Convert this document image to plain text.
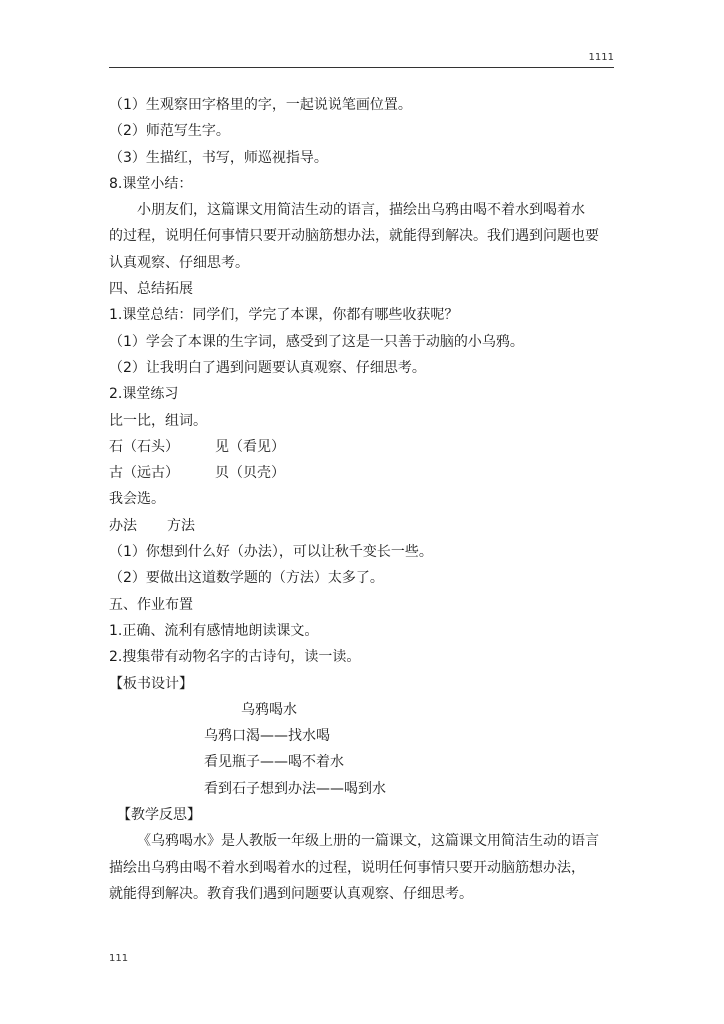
1111
（1）生观察田字格里的字，一起说说笔画位置。
（2）师范写生字。
（3）生描红，书写，师巡视指导。
8.课堂小结：
小朋友们，这篇课文用简洁生动的语言，描绘出乌鸦由喝不着水到喝着水
的过程，说明任何事情只要开动脑筋想办法，就能得到解决。我们遇到问题也要
认真观察、仔细思考。
四、总结拓展
1.课堂总结：同学们，学完了本课，你都有哪些收获呢？
（1）学会了本课的生字词，感受到了这是一只善于动脑的小乌鸦。
（2）让我明白了遇到问题要认真观察、仔细思考。
2.课堂练习
比一比，组词。
石（石头）	见（看见）
古（远古）	贝（贝壳）
我会选。
办法 方法
（1）你想到什么好（办法），可以让秋千变长一些。
（2）要做出这道数学题的（方法）太多了。
五、作业布置
1.正确、流利有感情地朗读课文。
2.搜集带有动物名字的古诗句，读一读。
【板书设计】
乌鸦喝水
乌鸦口渴——找水喝
看见瓶子——喝不着水
看到石子想到办法——喝到水
【教学反思】
《乌鸦喝水》是人教版一年级上册的一篇课文，这篇课文用简洁生动的语言
描绘出乌鸦由喝不着水到喝着水的过程，说明任何事情只要开动脑筋想办法，
就能得到解决。教育我们遇到问题要认真观察、仔细思考。
111
